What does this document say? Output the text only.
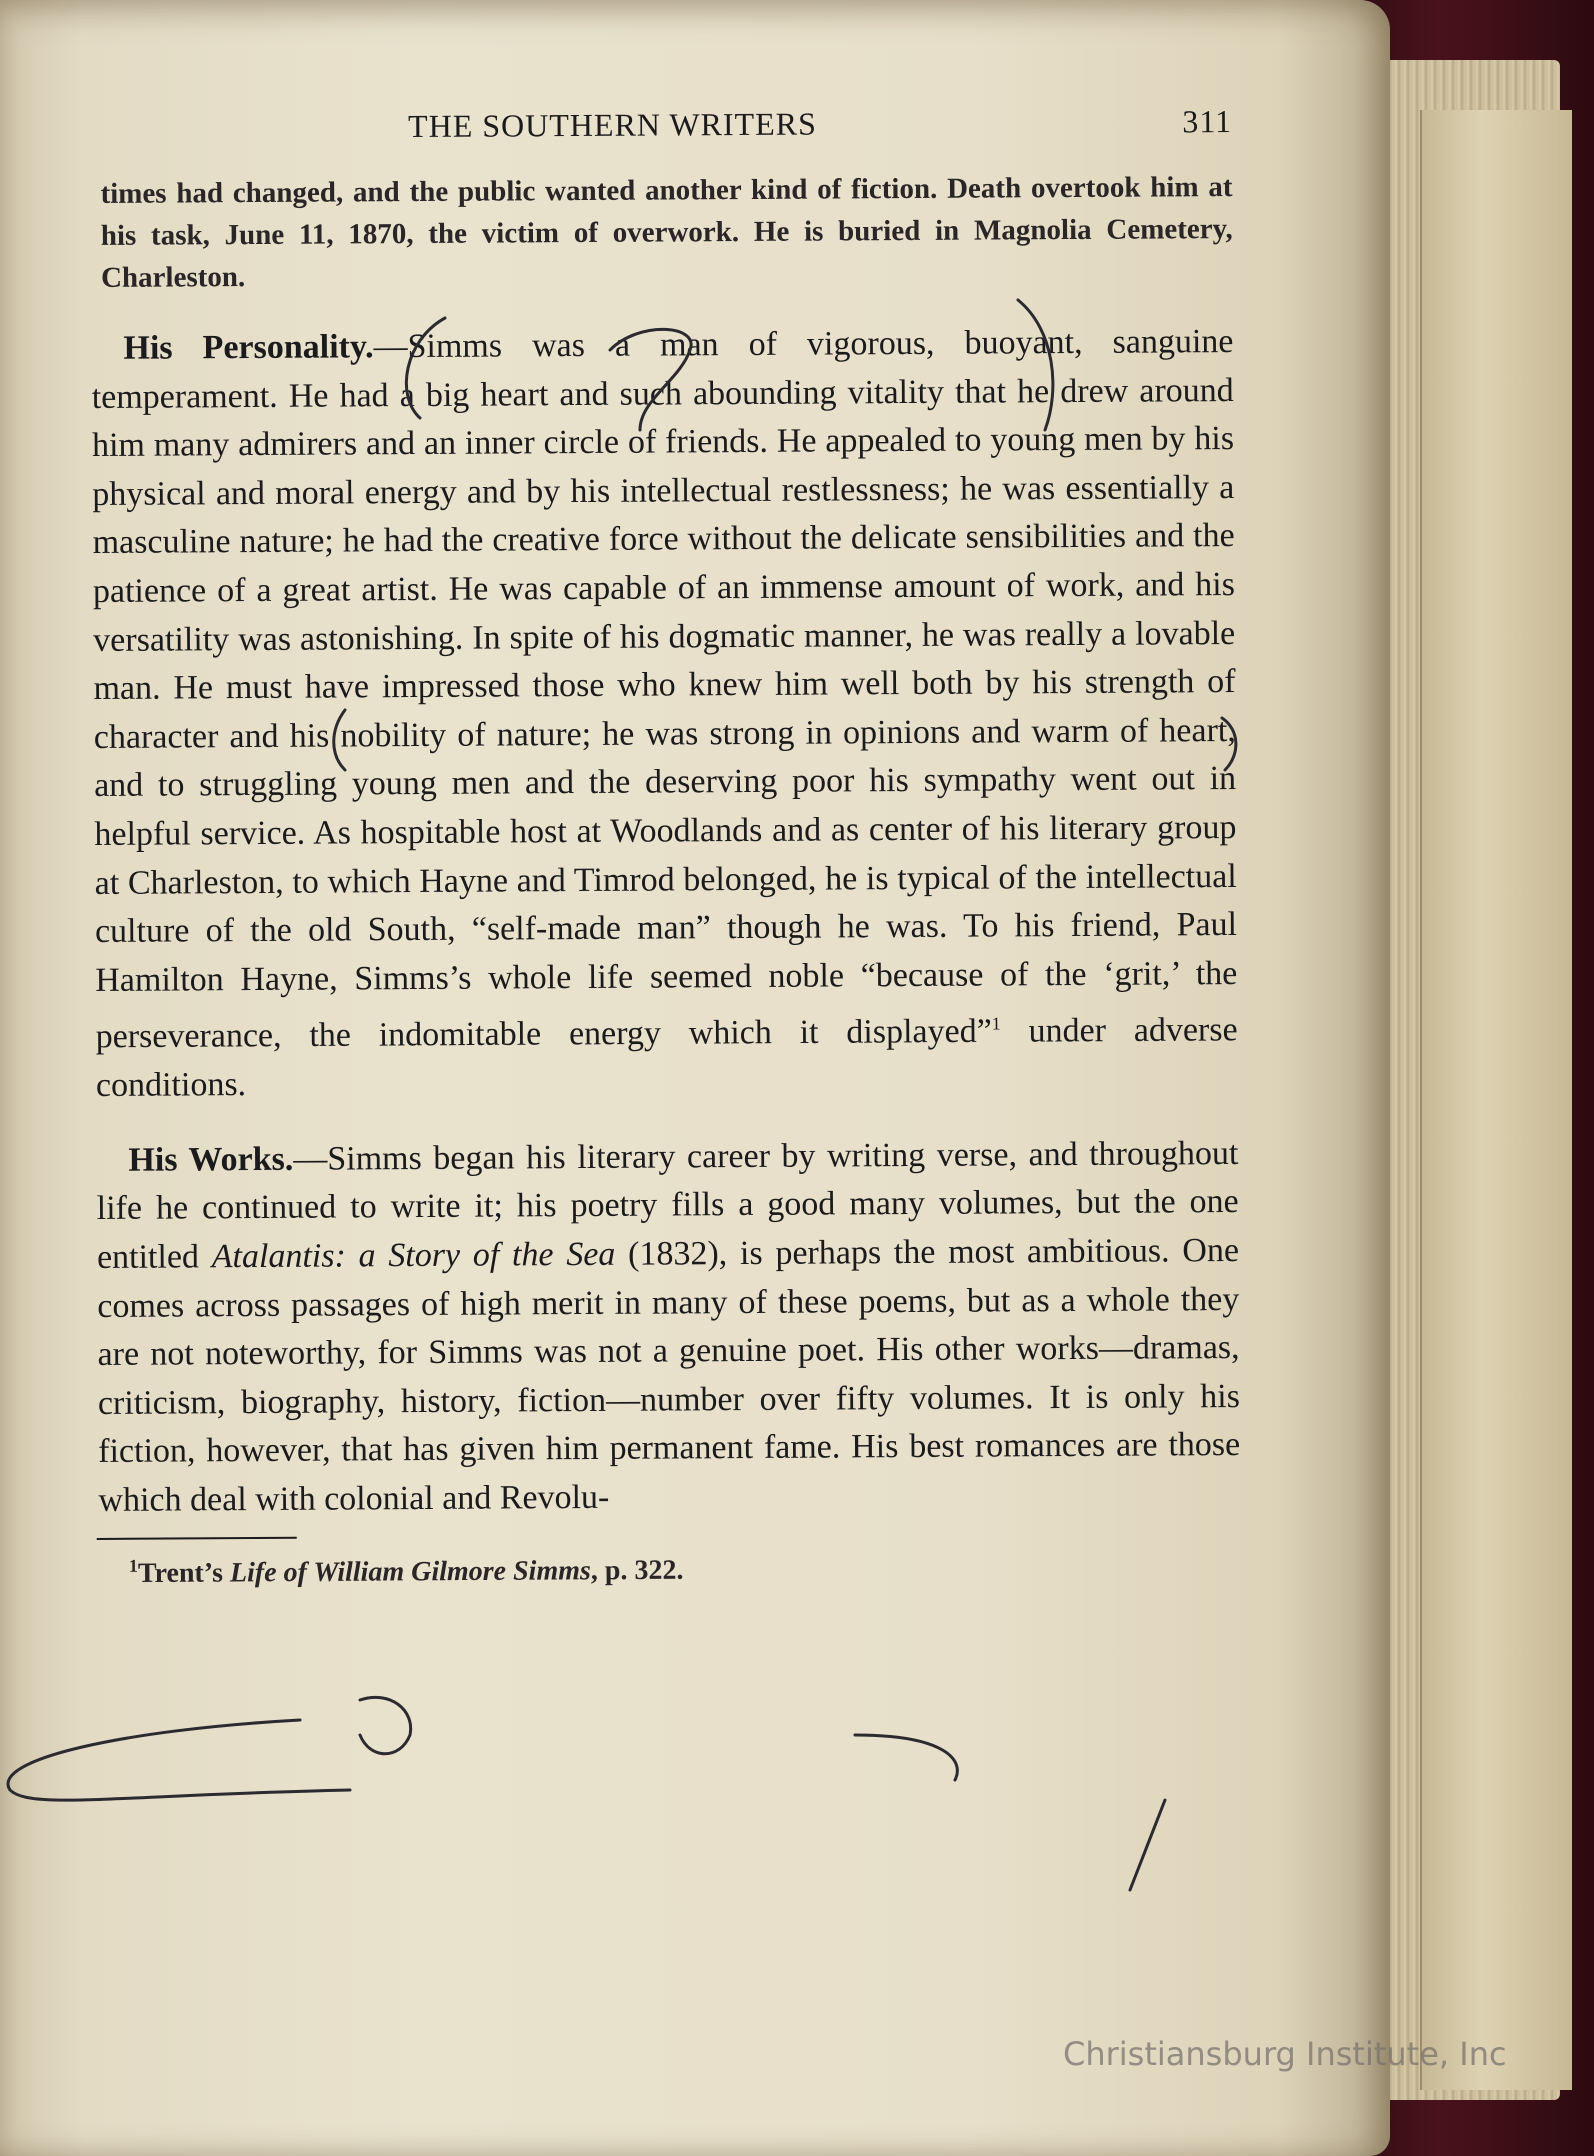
THE SOUTHERN WRITERS	311
times had changed, and the public wanted another kind of fiction. Death overtook him at his task, June 11, 1870, the victim of overwork. He is buried in Magnolia Cemetery, Charleston.
His Personality.—Simms was a man of vigorous, buoyant, sanguine temperament. He had a big heart and such abounding vitality that he drew around him many admirers and an inner circle of friends. He appealed to young men by his physical and moral energy and by his intellectual restlessness; he was essentially a masculine nature; he had the creative force without the delicate sensibilities and the patience of a great artist. He was capable of an immense amount of work, and his versatility was astonishing. In spite of his dogmatic manner, he was really a lovable man. He must have impressed those who knew him well both by his strength of character and his nobility of nature; he was strong in opinions and warm of heart, and to struggling young men and the deserving poor his sympathy went out in helpful service. As hospitable host at Woodlands and as center of his literary group at Charleston, to which Hayne and Timrod belonged, he is typical of the intellectual culture of the old South, “self-made man” though he was. To his friend, Paul Hamilton Hayne, Simms’s whole life seemed noble “because of the ‘grit,’ the perseverance, the indomitable energy which it displayed”$^1$ under adverse conditions.
His Works.—Simms began his literary career by writing verse, and throughout life he continued to write it; his poetry fills a good many volumes, but the one entitled Atalantis: a Story of the Sea (1832), is perhaps the most ambitious. One comes across passages of high merit in many of these poems, but as a whole they are not noteworthy, for Simms was not a genuine poet. His other works—dramas, criticism, biography, history, fiction—number over fifty volumes. It is only his fiction, however, that has given him permanent fame. His best romances are those which deal with colonial and Revolu-
$^1$Trent’s Life of William Gilmore Simms, p. 322.
Christiansburg Institute, Inc
